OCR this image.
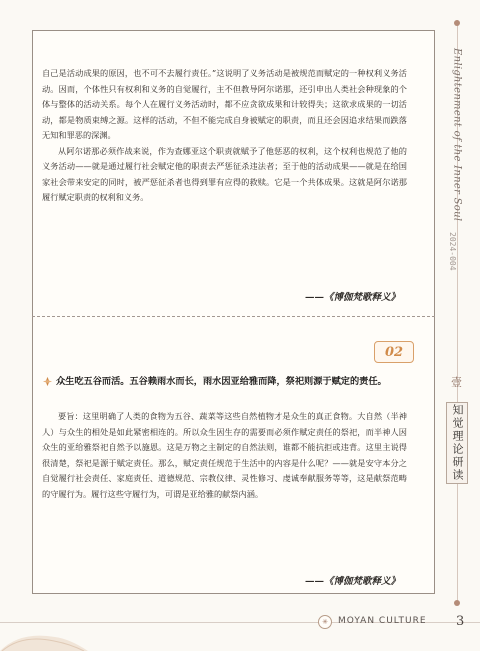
自己是活动成果的原因，也不可不去履行责任。”这说明了义务活动是被规范而赋定的一种权利义务活动。因而，个体性只有权利和义务的自觉履行，主不但教导阿尔诺那，还引申出人类社会种现象的个体与整体的活动关系。每个人在履行义务活动时，都不应贪欲成果和计较得失；这欲求成果的一切活动，都是物质束缚之源。这样的活动，不但不能完成自身被赋定的职责，而且还会因追求结果而跌落无知和罪恶的深渊。

从阿尔诺那必须作战来说，作为查娜亚这个职责就赋予了他惩恶的权利，这个权利也规范了他的义务活动——就是通过履行社会赋定他的职责去严惩征杀违法者；至于他的活动成果——就是在给国家社会带来安定的同时，被严惩征杀者也得到罪有应得的救赎。它是一个共体成果。这就是阿尔诺那履行赋定职责的权利和义务。

——《博伽梵歌释义》
02
众生吃五谷而活。五谷赖雨水而长，雨水因亚给雅而降，祭祀则源于赋定的责任。

要旨：这里明确了人类的食物为五谷、蔬菜等这些自然植物才是众生的真正食物。大自然（半神人）与众生的相处是如此紧密相连的。所以众生因生存的需要而必须作赋定责任的祭祀，而半神人因众生的亚给雅祭祀自然予以施恩。这是万物之主制定的自然法则，谁都不能抗拒或违背。这里主说得很清楚，祭祀是源于赋定责任。那么，赋定责任规范于生活中的内容是什么呢？——就是安守本分之自觉履行社会责任、家庭责任、道德规范、宗教仪律、灵性修习、虔诚奉献服务等等，这是献祭范畴的守履行为。履行这些守履行为，可谓是亚给雅的献祭内涵。

——《博伽梵歌释义》
Enlightenment of the Inner Soul
2024-004
壹
知觉理论研读
✳	MOYAN CULTURE 3
